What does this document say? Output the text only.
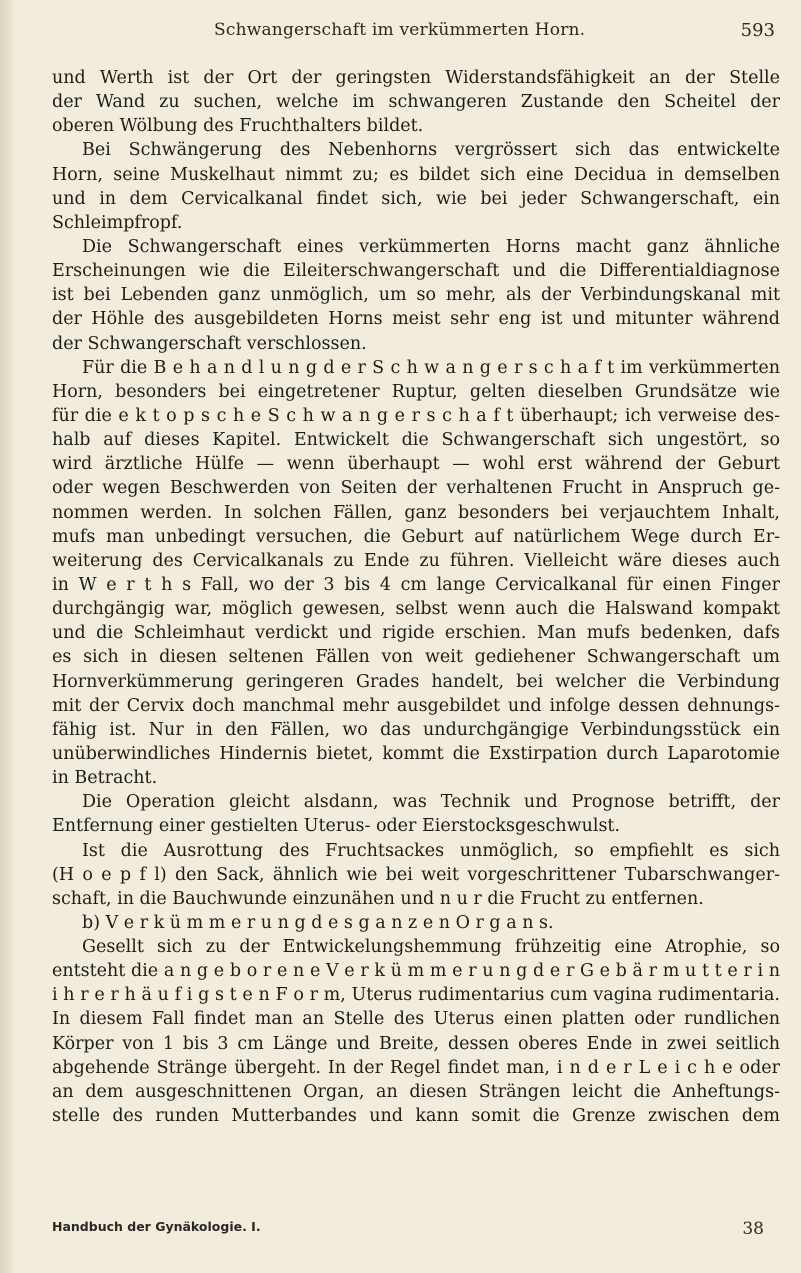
Schwangerschaft im verkümmerten Horn.	593
und Werth ist der Ort der geringsten Widerstandsfähigkeit an der Stelle
der Wand zu suchen, welche im schwangeren Zustande den Scheitel der
oberen Wölbung des Fruchthalters bildet.
Bei Schwängerung des Nebenhorns vergrössert sich das entwickelte
Horn, seine Muskelhaut nimmt zu; es bildet sich eine Decidua in demselben
und in dem Cervicalkanal findet sich, wie bei jeder Schwangerschaft, ein
Schleimpfropf.
Die Schwangerschaft eines verkümmerten Horns macht ganz ähnliche
Erscheinungen wie die Eileiterschwangerschaft und die Differentialdiagnose
ist bei Lebenden ganz unmöglich, um so mehr, als der Verbindungskanal mit
der Höhle des ausgebildeten Horns meist sehr eng ist und mitunter während
der Schwangerschaft verschlossen.
Für die B e h a n d l u n g d e r S c h w a n g e r s c h a f t im verkümmerten
Horn, besonders bei eingetretener Ruptur, gelten dieselben Grundsätze wie
für die e k t o p s c h e S c h w a n g e r s c h a f t überhaupt; ich verweise des-
halb auf dieses Kapitel. Entwickelt die Schwangerschaft sich ungestört, so
wird ärztliche Hülfe — wenn überhaupt — wohl erst während der Geburt
oder wegen Beschwerden von Seiten der verhaltenen Frucht in Anspruch ge-
nommen werden. In solchen Fällen, ganz besonders bei verjauchtem Inhalt,
mufs man unbedingt versuchen, die Geburt auf natürlichem Wege durch Er-
weiterung des Cervicalkanals zu Ende zu führen. Vielleicht wäre dieses auch
in W e r t h s Fall, wo der 3 bis 4 cm lange Cervicalkanal für einen Finger
durchgängig war, möglich gewesen, selbst wenn auch die Halswand kompakt
und die Schleimhaut verdickt und rigide erschien. Man mufs bedenken, dafs
es sich in diesen seltenen Fällen von weit gediehener Schwangerschaft um
Hornverkümmerung geringeren Grades handelt, bei welcher die Verbindung
mit der Cervix doch manchmal mehr ausgebildet und infolge dessen dehnungs-
fähig ist. Nur in den Fällen, wo das undurchgängige Verbindungsstück ein
unüberwindliches Hindernis bietet, kommt die Exstirpation durch Laparotomie
in Betracht.
Die Operation gleicht alsdann, was Technik und Prognose betrifft, der
Entfernung einer gestielten Uterus- oder Eierstocksgeschwulst.
Ist die Ausrottung des Fruchtsackes unmöglich, so empfiehlt es sich
(H o e p f l) den Sack, ähnlich wie bei weit vorgeschrittener Tubarschwanger-
schaft, in die Bauchwunde einzunähen und n u r die Frucht zu entfernen.
b) V e r k ü m m e r u n g d e s g a n z e n O r g a n s.
Gesellt sich zu der Entwickelungshemmung frühzeitig eine Atrophie, so
entsteht die a n g e b o r e n e V e r k ü m m e r u n g d e r G e b ä r m u t t e r i n
i h r e r h ä u f i g s t e n F o r m, Uterus rudimentarius cum vagina rudimentaria.
In diesem Fall findet man an Stelle des Uterus einen platten oder rundlichen
Körper von 1 bis 3 cm Länge und Breite, dessen oberes Ende in zwei seitlich
abgehende Stränge übergeht. In der Regel findet man, i n d e r L e i c h e oder
an dem ausgeschnittenen Organ, an diesen Strängen leicht die Anheftungs-
stelle des runden Mutterbandes und kann somit die Grenze zwischen dem
Handbuch der Gynäkologie. I.	38
